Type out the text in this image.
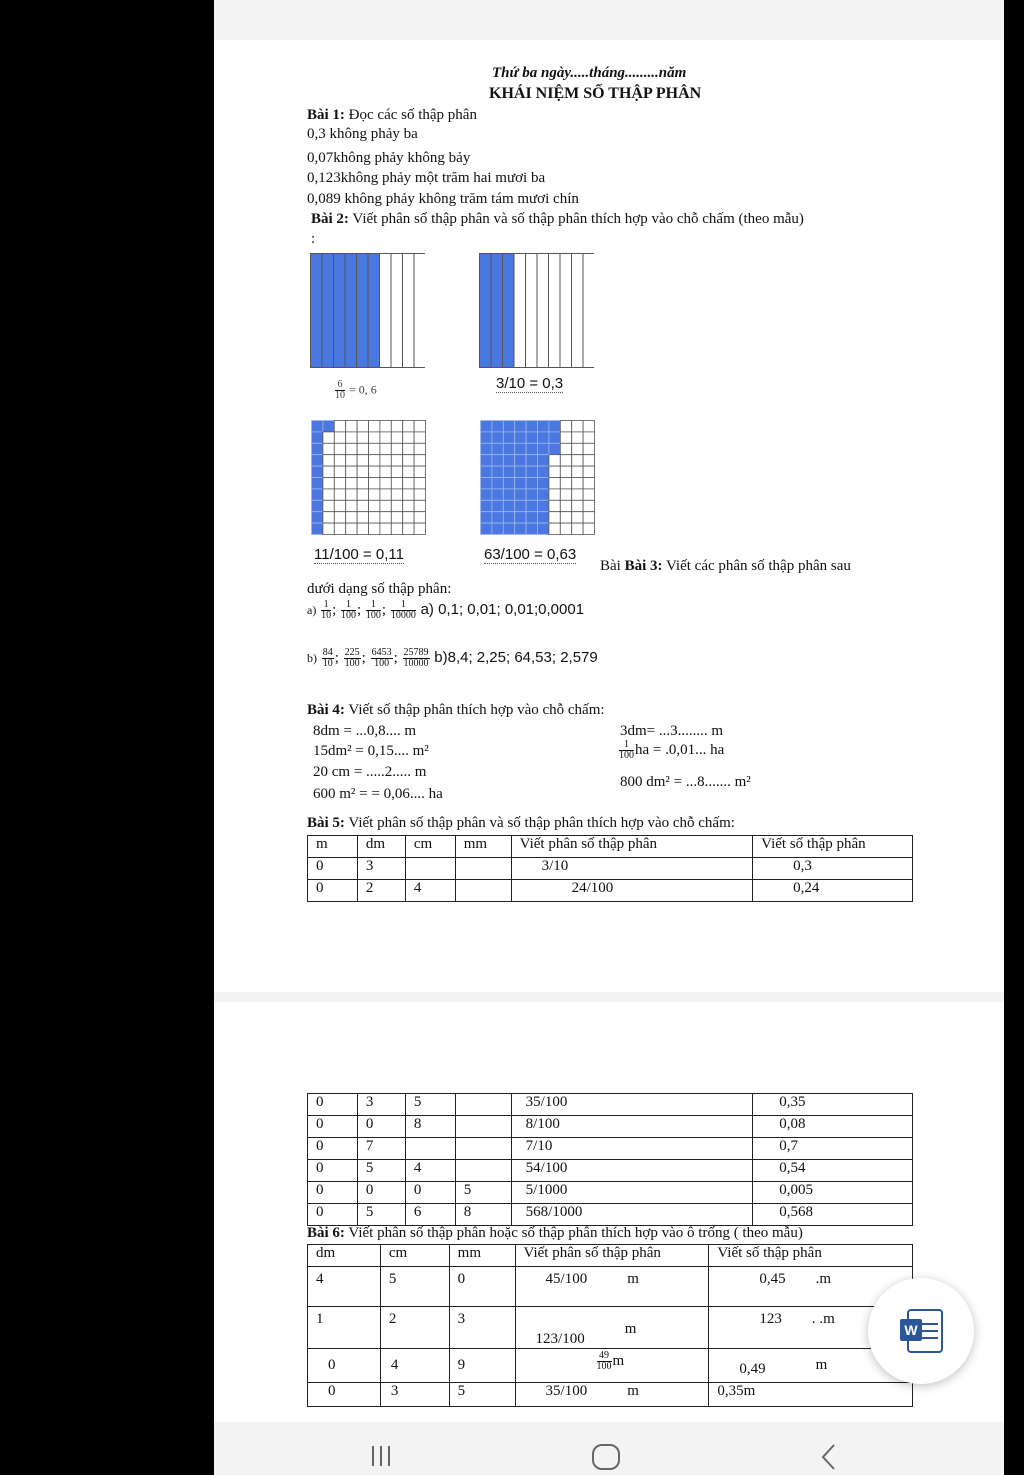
Thứ ba ngày.....tháng.........năm
KHÁI NIỆM SỐ THẬP PHÂN
Bài 1: Đọc các số thập phân
0,3 không phảy ba
0,07không phảy không bảy
0,123không phảy một trăm hai mươi ba
0,089 không phảy không trăm tám mươi chín
Bài 2: Viết phân số thập phân và số thập phân thích hợp vào chỗ chấm (theo mẫu)
:
$\frac{6}{10} = 0$, 6	3/10 = 0,3
11/100 = 0,11	63/100 = 0,63
Bài Bài 3: Viết các phân số thập phân sau
dưới dạng số thập phân:
$a) \frac{1}{10}$ ; $\frac{1}{100}$ ; $\frac{1}{100}$ ; $\frac{1}{10000} a$) 0,1; 0,01; 0,01;0,0001
$b) \frac{84}{10}$ ; $\frac{225}{100}$ ; $\frac{6453}{100}$ ; $\frac{25789}{10000} b)8,4$; 2,25; 64,53; 2,579
Bài 4: Viết số thập phân thích hợp vào chỗ chấm:
8dm = ...0,8.... m
15dm² = 0,15.... m²
20 cm = .....2..... m
600 m² = = 0,06.... ha
3dm= ...3........ m
$\frac{1}{100}$ ha = .0,01... ha
800 dm² = ...8....... m²
Bài 5: Viết phân số thập phân và số thập phân thích hợp vào chỗ chấm:
m	dm	cm	mm	Viết phân số thập phân	Viết số thập phân
0	3			3/10	0,3
0	2	4		24/100	0,24
0	3	5		35/100	0,35
0	0	8		8/100	0,08
0	7			7/10	0,7
0	5	4		54/100	0,54
0	0	0	5	5/1000	0,005
0	5	6	8	568/1000	0,568
Bài 6: Viết phân số thập phân hoặc số thập phân thích hợp vào ô trống ( theo mẫu)
dm	cm	mm	Viết phân số thập phân	Viết số thập phân
4	5	0	45/100 m	0,45 .m
1	2	3	123/100m	123 . .m
0	4	9	$\frac{49}{100}$ m	0,49 m
0	3	5	35/100 m	0,35m
W
